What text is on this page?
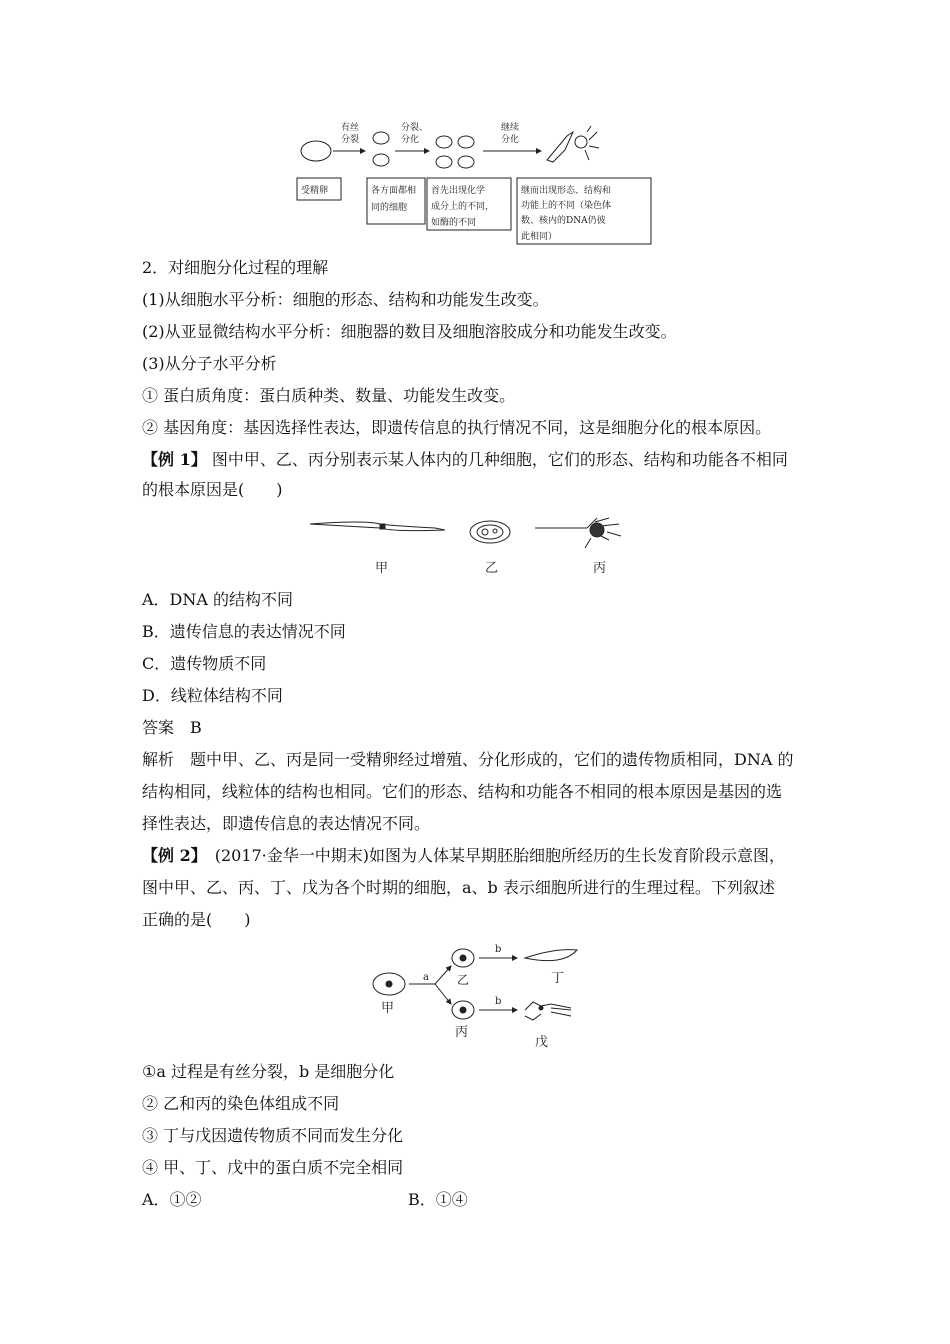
有丝
分裂
分裂、
分化
继续
分化
受精卵	各方面都相
同的细胞
首先出现化学
成分上的不同，
如酶的不同
继而出现形态、结构和
功能上的不同（染色体
数、核内的DNA仍彼
此相同）
2．对细胞分化过程的理解
(1)从细胞水平分析：细胞的形态、结构和功能发生改变。
(2)从亚显微结构水平分析：细胞器的数目及细胞溶胶成分和功能发生改变。
(3)从分子水平分析
① 蛋白质角度：蛋白质种类、数量、功能发生改变。
② 基因角度：基因选择性表达，即遗传信息的执行情况不同，这是细胞分化的根本原因。
【例 1】 图中甲、乙、丙分别表示某人体内的几种细胞，它们的形态、结构和功能各不相同
的根本原因是(　　)
甲	乙	丙
A．DNA 的结构不同
B．遗传信息的表达情况不同
C．遗传物质不同
D．线粒体结构不同
答案　B
解析　题中甲、乙、丙是同一受精卵经过增殖、分化形成的，它们的遗传物质相同，DNA 的
结构相同，线粒体的结构也相同。它们的形态、结构和功能各不相同的根本原因是基因的选
择性表达，即遗传信息的表达情况不同。
【例 2】　(2017·金华一中期末)如图为人体某早期胚胎细胞所经历的生长发育阶段示意图，
图中甲、乙、丙、丁、戊为各个时期的细胞，a、b 表示细胞所进行的生理过程。下列叙述
正确的是(　　)
甲
乙
丙
丁
戊
a
b
b
①a 过程是有丝分裂，b 是细胞分化
② 乙和丙的染色体组成不同
③ 丁与戊因遗传物质不同而发生分化
④ 甲、丁、戊中的蛋白质不完全相同
A．①②	B．①④
